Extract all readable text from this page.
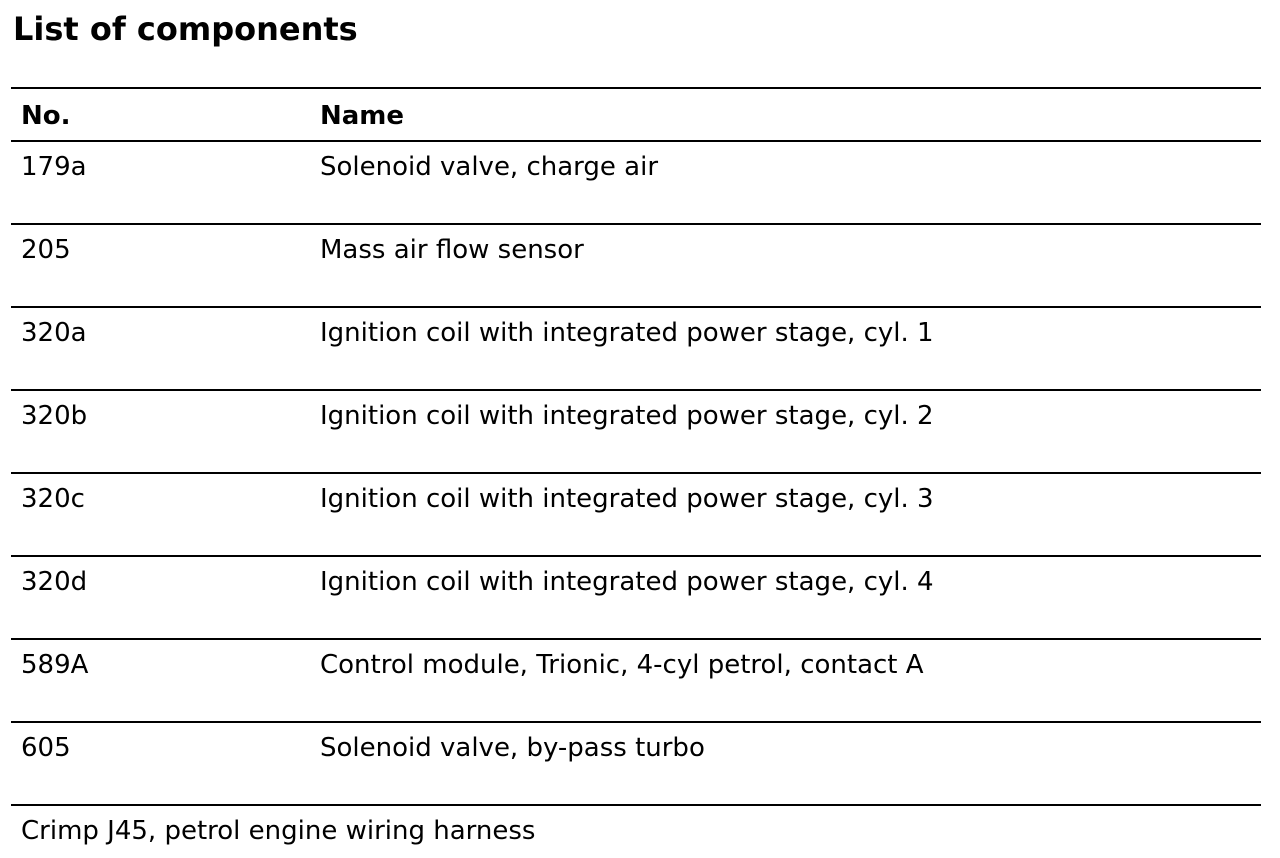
List of components
No.	Name
179a	Solenoid valve, charge air
205	Mass air flow sensor
320a	Ignition coil with integrated power stage, cyl. 1
320b	Ignition coil with integrated power stage, cyl. 2
320c	Ignition coil with integrated power stage, cyl. 3
320d	Ignition coil with integrated power stage, cyl. 4
589A	Control module, Trionic, 4-cyl petrol, contact A
605	Solenoid valve, by-pass turbo

Crimp J45, petrol engine wiring harness
